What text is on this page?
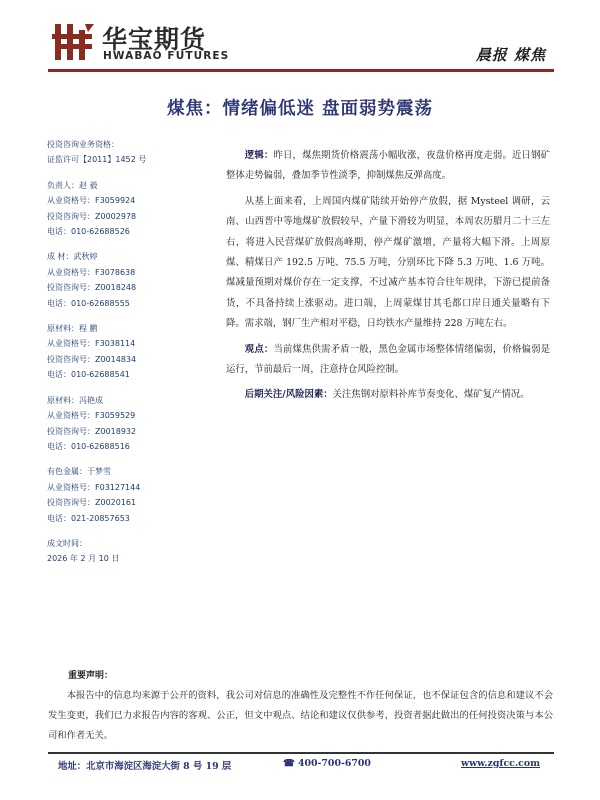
华宝期货
HWABAO FUTURES	晨报 煤焦
煤焦：情绪偏低迷 盘面弱势震荡
投资咨询业务资格：
证监许可【2011】1452 号
负责人：赵 毅
从业资格号：F3059924
投资咨询号：Z0002978
电话：010-62688526
成 材：武秋婷
从业资格号：F3078638
投资咨询号：Z0018248
电话：010-62688555
原材料：程 鹏
从业资格号：F3038114
投资咨询号：Z0014834
电话：010-62688541
原材料：冯艳成
从业资格号：F3059529
投资咨询号：Z0018932
电话：010-62688516
有色金属：于梦雪
从业资格号：F03127144
投资咨询号：Z0020161
电话：021-20857653
成文时间：
2026 年 2 月 10 日

逻辑：昨日，煤焦期货价格震荡小幅收涨，夜盘价格再度走弱。近日钢矿整体走势偏弱，叠加季节性淡季，抑制煤焦反弹高度。

从基上面来看，上周国内煤矿陆续开始停产放假，据 Mysteel 调研，云南、山西晋中等地煤矿放假较早，产量下滑较为明显，本周农历腊月二十三左右，将进入民营煤矿放假高峰期，停产煤矿激增，产量将大幅下滑。上周原煤、精煤日产 192.5 万吨、75.5 万吨，分别环比下降 5.3 万吨、1.6 万吨。煤减量预期对煤价存在一定支撑，不过减产基本符合往年规律，下游已提前备货，不具备持续上涨驱动。进口端，上周蒙煤甘其毛都口岸日通关量略有下降。需求端，钢厂生产相对平稳，日均铁水产量维持 228 万吨左右。

观点：当前煤焦供需矛盾一般，黑色金属市场整体情绪偏弱，价格偏弱是运行，节前最后一周，注意持仓风险控制。

后期关注/风险因素：关注焦钢对原料补库节奏变化、煤矿复产情况。

重要声明：
本报告中的信息均来源于公开的资料，我公司对信息的准确性及完整性不作任何保证，也不保证包含的信息和建议不会发生变更，我们已力求报告内容的客观、公正，但文中观点、结论和建议仅供参考，投资者据此做出的任何投资决策与本公司和作者无关。
地址：北京市海淀区海淀大街 8 号 19 层	☎ 400-700-6700	www.zgfcc.com
